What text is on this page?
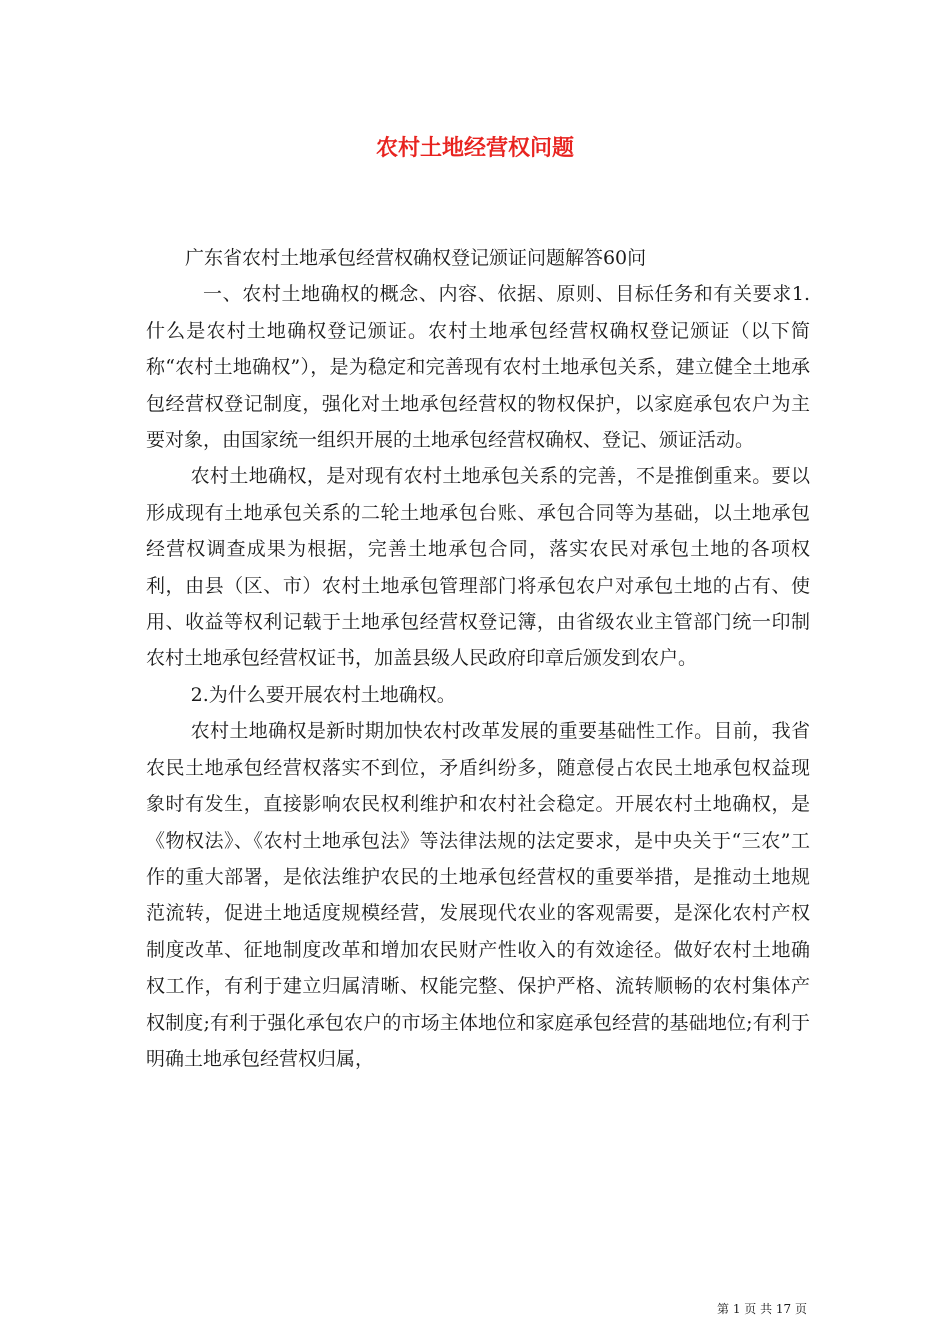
农村土地经营权问题

广东省农村土地承包经营权确权登记颁证问题解答60问

一、农村土地确权的概念、内容、依据、原则、目标任务和有关要求1.什么是农村土地确权登记颁证。农村土地承包经营权确权登记颁证（以下简称“农村土地确权”），是为稳定和完善现有农村土地承包关系，建立健全土地承包经营权登记制度，强化对土地承包经营权的物权保护，以家庭承包农户为主要对象，由国家统一组织开展的土地承包经营权确权、登记、颁证活动。

农村土地确权，是对现有农村土地承包关系的完善，不是推倒重来。要以形成现有土地承包关系的二轮土地承包台账、承包合同等为基础，以土地承包经营权调查成果为根据，完善土地承包合同，落实农民对承包土地的各项权利，由县（区、市）农村土地承包管理部门将承包农户对承包土地的占有、使用、收益等权利记载于土地承包经营权登记簿，由省级农业主管部门统一印制农村土地承包经营权证书，加盖县级人民政府印章后颁发到农户。

2.为什么要开展农村土地确权。

农村土地确权是新时期加快农村改革发展的重要基础性工作。目前，我省农民土地承包经营权落实不到位，矛盾纠纷多，随意侵占农民土地承包权益现象时有发生，直接影响农民权利维护和农村社会稳定。开展农村土地确权，是《物权法》、《农村土地承包法》等法律法规的法定要求，是中央关于“三农”工作的重大部署，是依法维护农民的土地承包经营权的重要举措，是推动土地规范流转，促进土地适度规模经营，发展现代农业的客观需要，是深化农村产权制度改革、征地制度改革和增加农民财产性收入的有效途径。做好农村土地确权工作，有利于建立归属清晰、权能完整、保护严格、流转顺畅的农村集体产权制度;有利于强化承包农户的市场主体地位和家庭承包经营的基础地位;有利于明确土地承包经营权归属，

第 1 页 共 17 页
